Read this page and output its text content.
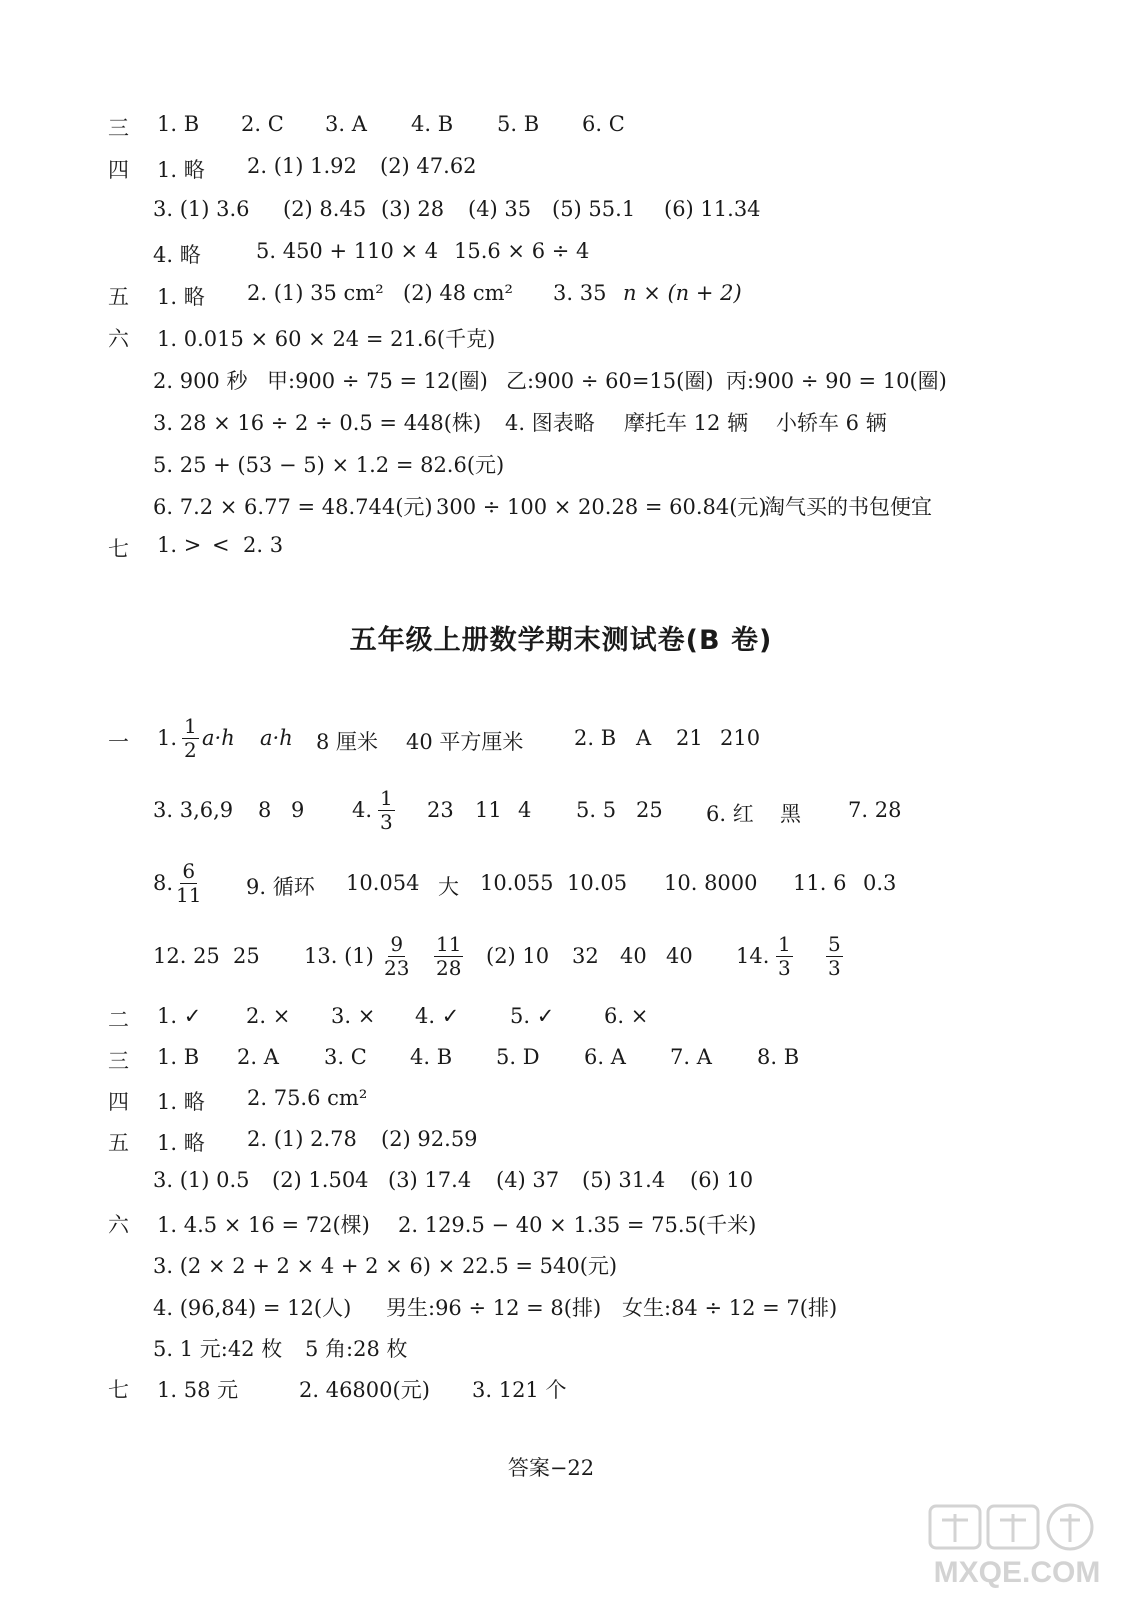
三 1. B 2. C 3. A 4. B 5. B 6. C
四 1. 略 2. (1) 1.92 (2) 47.62
3. (1) 3.6 (2) 8.45 (3) 28 (4) 35 (5) 55.1 (6) 11.34
4. 略	5. 450 + 110 × 4 15.6 × 6 ÷ 4
五 1. 略 2. (1) 35 cm² (2) 48 cm² 3. 35 n × (n + 2)
六 1. 0.015 × 60 × 24 = 21.6(千克)
2. 900 秒 甲:900 ÷ 75 = 12(圈) 乙:900 ÷ 60=15(圈) 丙:900 ÷ 90 = 10(圈)
3. 28 × 16 ÷ 2 ÷ 0.5 = 448(株) 4. 图表略 摩托车 12 辆 小轿车 6 辆
5. 25 + (53 − 5) × 1.2 = 82.6(元)
6. 7.2 × 6.77 = 48.744(元) 300 ÷ 100 × 20.28 = 60.84(元)
淘气买的书包便宜
七 1. > < 2. 3
五年级上册数学期末测试卷(B 卷)
一 1. $\frac{1}{2} a\cdot h$ a·h 8 厘米 40 平方厘米 2. B A 21 210
3. 3,6,9 8 9 4. $\frac{1}{3} 23$ 11 4 5. 5 25 6. 红 黑 7. 28
8. $\frac{6}{11} 9$. 循环 10.054 大 10.055 10.05 10. 8000 11. 6 0.3
12. 25 25 13. $(1) \frac{9}{23} \frac{11}{28} (2)$ 10 32 40 40 14. $\frac{1}{3} \frac{5}{3}$
二 1. ✓ 2. × 3. × 4. ✓ 5. ✓ 6. ×
三 1. B 2. A 3. C 4. B 5. D 6. A 7. A 8. B
四 1. 略 2. 75.6 cm²
五 1. 略 2. (1) 2.78 (2) 92.59
3. (1) 0.5 (2) 1.504 (3) 17.4 (4) 37 (5) 31.4 (6) 10
六 1. 4.5 × 16 = 72(棵) 2. 129.5 − 40 × 1.35 = 75.5(千米)
3. (2 × 2 + 2 × 4 + 2 × 6) × 22.5 = 540(元)
4. (96,84) = 12(人) 男生:96 ÷ 12 = 8(排) 女生:84 ÷ 12 = 7(排)
5. 1 元:42 枚 5 角:28 枚
七 1. 58 元	2. 46800(元) 3. 121 个
答案−22
MXQE.COM
